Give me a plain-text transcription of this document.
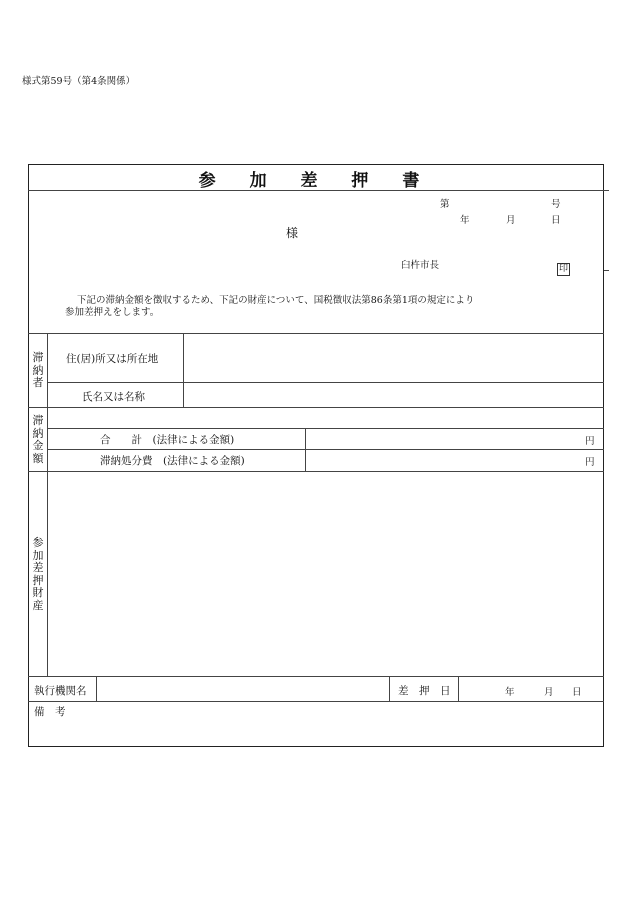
様式第59号（第4条関係）
参 加 差 押 書
第	号
年	月	日
様
臼杵市長	印
下記の滞納金額を徴収するため、下記の財産について、国税徴収法第86条第1項の規定により
参加差押えをします。
滞納者
住(居)所又は所在地
氏名又は名称
滞納金額
合　　計　(法律による金額)	円
滞納処分費　(法律による金額)	円
参加差押財産
執行機関名	差　押　日	年	月 日
備　考
